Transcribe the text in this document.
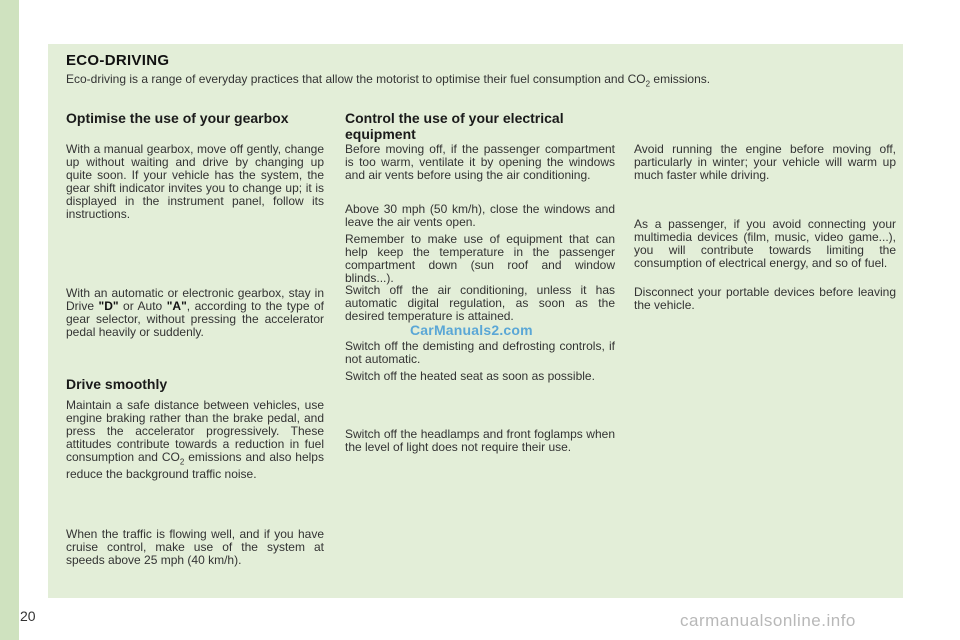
ECO-DRIVING
Eco-driving is a range of everyday practices that allow the motorist to optimise their fuel consumption and $CO_2$ emissions.
Optimise the use of your gearbox
With a manual gearbox, move off gently, change up without waiting and drive by changing up quite soon. If your vehicle has the system, the gear shift indicator invites you to change up; it is displayed in the instrument panel, follow its instructions.
With an automatic or electronic gearbox, stay in Drive "D" or Auto "A", according to the type of gear selector, without pressing the accelerator pedal heavily or suddenly.
Drive smoothly
Maintain a safe distance between vehicles, use engine braking rather than the brake pedal, and press the accelerator progressively. These attitudes contribute towards a reduction in fuel consumption and $CO_2$ emissions and also helps reduce the background traffic noise.
When the traffic is flowing well, and if you have cruise control, make use of the system at speeds above 25 mph (40 km/h).
Control the use of your electrical equipment
Before moving off, if the passenger compartment is too warm, ventilate it by opening the windows and air vents before using the air conditioning.
Above 30 mph (50 km/h), close the windows and leave the air vents open.
Remember to make use of equipment that can help keep the temperature in the passenger compartment down (sun roof and window blinds...).
Switch off the air conditioning, unless it has automatic digital regulation, as soon as the desired temperature is attained.
Switch off the demisting and defrosting controls, if not automatic.
Switch off the heated seat as soon as possible.
Switch off the headlamps and front foglamps when the level of light does not require their use.
Avoid running the engine before moving off, particularly in winter; your vehicle will warm up much faster while driving.
As a passenger, if you avoid connecting your multimedia devices (film, music, video game...), you will contribute towards limiting the consumption of electrical energy, and so of fuel.
Disconnect your portable devices before leaving the vehicle.
CarManuals2.com
20	carmanualsonline.info
